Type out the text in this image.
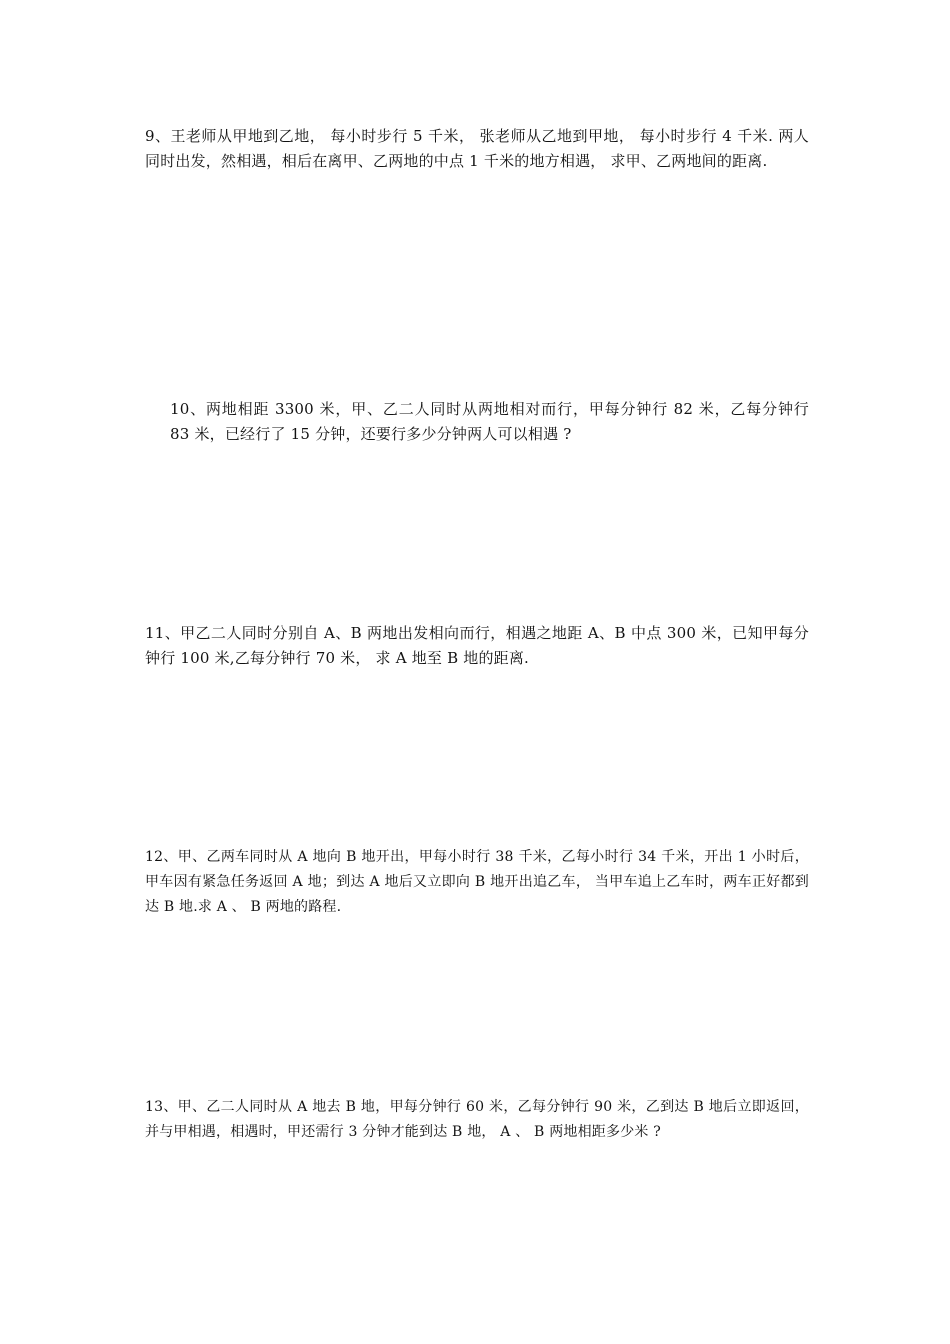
9、王老师从甲地到乙地， 每小时步行 5 千米， 张老师从乙地到甲地， 每小时步行 4 千米. 两人同时出发，然相遇，相后在离甲、乙两地的中点 1 千米的地方相遇， 求甲、乙两地间的距离.

10、两地相距 3300 米，甲、乙二人同时从两地相对而行，甲每分钟行 82 米，乙每分钟行 83 米，已经行了 15 分钟，还要行多少分钟两人可以相遇 ?

11、甲乙二人同时分别自 A、B 两地出发相向而行，相遇之地距 A、B 中点 300 米，已知甲每分钟行 100 米,乙每分钟行 70 米， 求 A 地至 B 地的距离.

12、甲、乙两车同时从 A 地向 B 地开出，甲每小时行 38 千米，乙每小时行 34 千米，开出 1 小时后，甲车因有紧急任务返回 A 地；到达 A 地后又立即向 B 地开出追乙车， 当甲车追上乙车时，两车正好都到达 B 地.求 A 、 B 两地的路程.

13、甲、乙二人同时从 A 地去 B 地，甲每分钟行 60 米，乙每分钟行 90 米，乙到达 B 地后立即返回，并与甲相遇，相遇时，甲还需行 3 分钟才能到达 B 地， A 、 B 两地相距多少米 ?
